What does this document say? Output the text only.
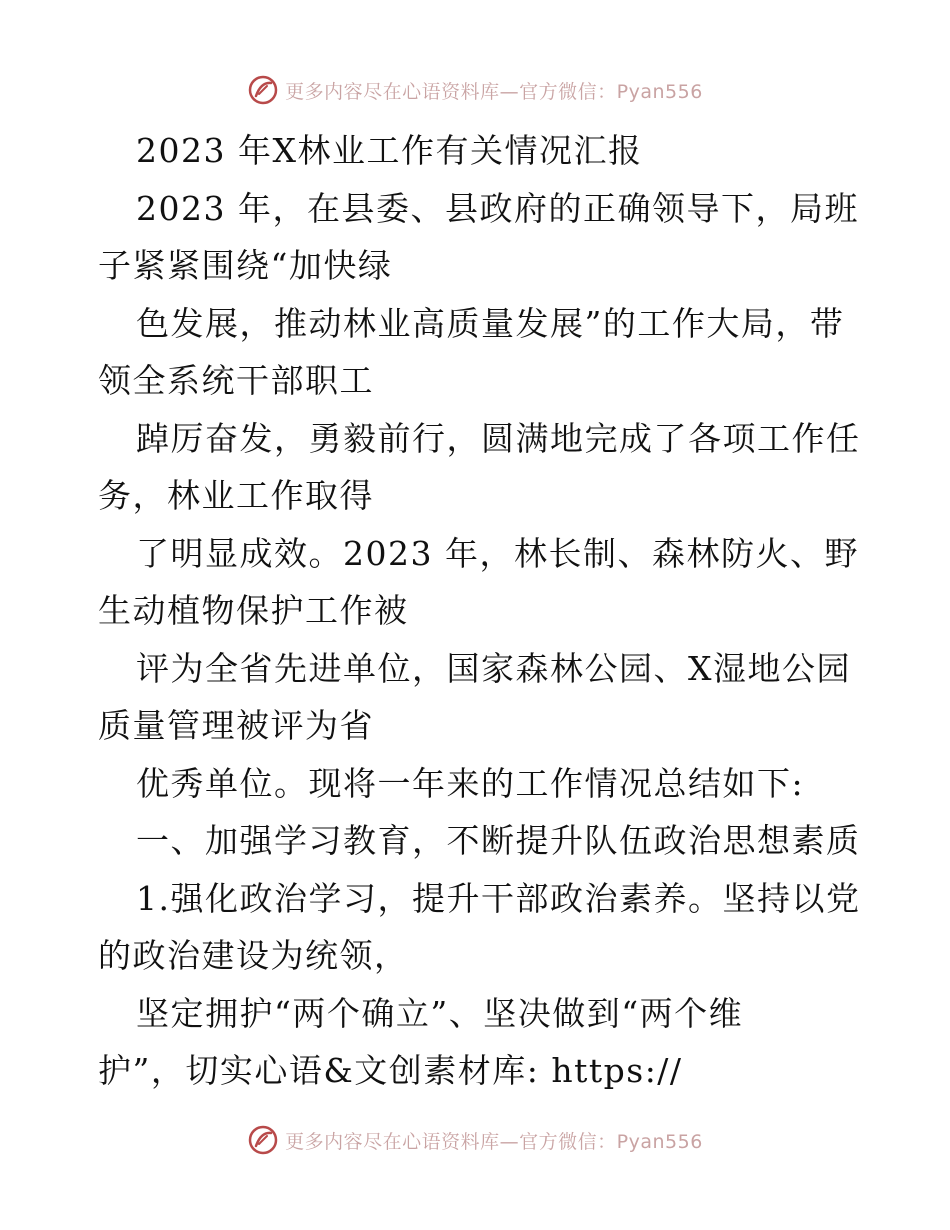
更多内容尽在心语资料库—官方微信：Pyan556
2023 年X林业工作有关情况汇报
2023 年，在县委、县政府的正确领导下，局班
子紧紧围绕“加快绿
色发展，推动林业高质量发展”的工作大局，带
领全系统干部职工
踔厉奋发，勇毅前行，圆满地完成了各项工作任
务，林业工作取得
了明显成效。2023 年，林长制、森林防火、野
生动植物保护工作被
评为全省先进单位，国家森林公园、X湿地公园
质量管理被评为省
优秀单位。现将一年来的工作情况总结如下:
一、加强学习教育，不断提升队伍政治思想素质
1.强化政治学习，提升干部政治素养。坚持以党
的政治建设为统领，
坚定拥护“两个确立”、坚决做到“两个维
护”，切实心语&文创素材库: https://
更多内容尽在心语资料库—官方微信：Pyan556
